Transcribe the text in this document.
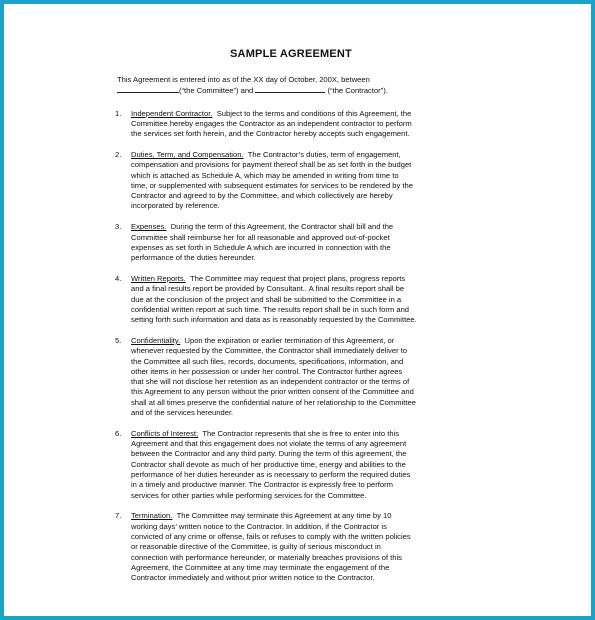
SAMPLE AGREEMENT
This Agreement is entered into as of the XX day of October, 200X, between
(“the Committee”) and	(“the Contractor”).
1. Independent Contractor. Subject to the terms and conditions of this Agreement, the
Committee hereby engages the Contractor as an independent contractor to perform
the services set forth herein, and the Contractor hereby accepts such engagement.
2. Duties, Term, and Compensation. The Contractor’s duties, term of engagement,
compensation and provisions for payment thereof shall be as set forth in the budget
which is attached as Schedule A, which may be amended in writing from time to
time, or supplemented with subsequent estimates for services to be rendered by the
Contractor and agreed to by the Committee, and which collectively are hereby
incorporated by reference.
3. Expenses. During the term of this Agreement, the Contractor shall bill and the
Committee shall reimburse her for all reasonable and approved out-of-pocket
expenses as set forth in Schedule A which are incurred in connection with the
performance of the duties hereunder.
4. Written Reports. The Committee may request that project plans, progress reports
and a final results report be provided by Consultant.. A final results report shall be
due at the conclusion of the project and shall be submitted to the Committee in a
confidential written report at such time. The results report shall be in such form and
setting forth such information and data as is reasonably requested by the Committee.
5. Confidentiality. Upon the expiration or earlier termination of this Agreement, or
whenever requested by the Committee, the Contractor shall immediately deliver to
the Committee all such files, records, documents, specifications, information, and
other items in her possession or under her control. The Contractor further agrees
that she will not disclose her retention as an independent contractor or the terms of
this Agreement to any person without the prior written consent of the Committee and
shall at all times preserve the confidential nature of her relationship to the Committee
and of the services hereunder.
6. Conflicts of Interest; The Contractor represents that she is free to enter into this
Agreement and that this engagement does not violate the terms of any agreement
between the Contractor and any third party. During the term of this agreement, the
Contractor shall devote as much of her productive time, energy and abilities to the
performance of her duties hereunder as is necessary to perform the required duties
in a timely and productive manner. The Contractor is expressly free to perform
services for other parties while performing services for the Committee.
7. Termination. The Committee may terminate this Agreement at any time by 10
working days’ written notice to the Contractor. In addition, if the Contractor is
convicted of any crime or offense, fails or refuses to comply with the written policies
or reasonable directive of the Committee, is guilty of serious misconduct in
connection with performance hereunder, or materially breaches provisions of this
Agreement, the Committee at any time may terminate the engagement of the
Contractor immediately and without prior written notice to the Contractor.
